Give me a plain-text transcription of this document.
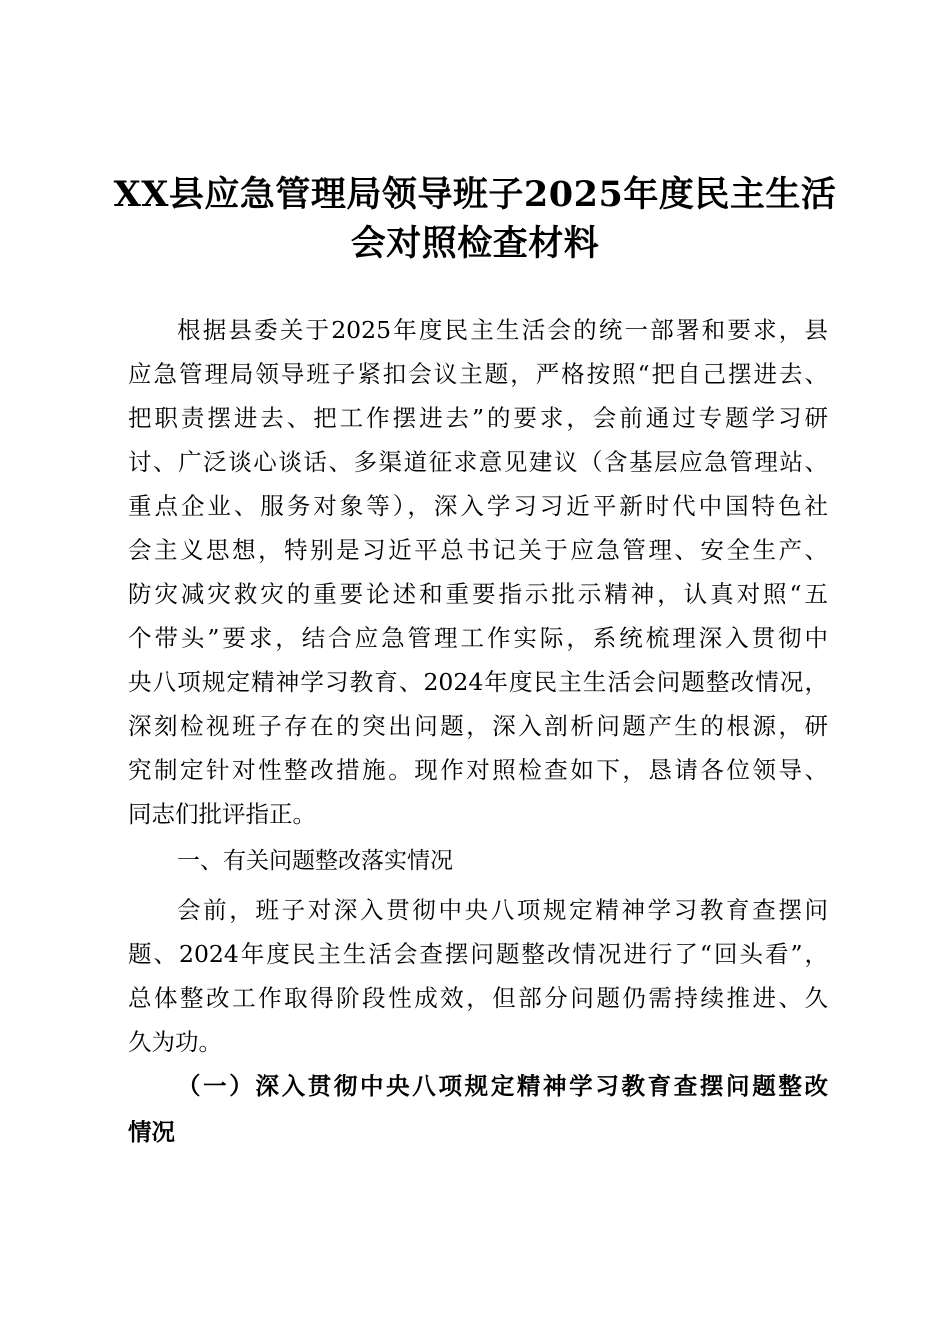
XX县应急管理局领导班子2025年度民主生活
会对照检查材料
根据县委关于2025年度民主生活会的统一部署和要求，县
应急管理局领导班子紧扣会议主题，严格按照“把自己摆进去、
把职责摆进去、把工作摆进去”的要求，会前通过专题学习研
讨、广泛谈心谈话、多渠道征求意见建议（含基层应急管理站、
重点企业、服务对象等），深入学习习近平新时代中国特色社
会主义思想，特别是习近平总书记关于应急管理、安全生产、
防灾减灾救灾的重要论述和重要指示批示精神，认真对照“五
个带头”要求，结合应急管理工作实际，系统梳理深入贯彻中
央八项规定精神学习教育、2024年度民主生活会问题整改情况，
深刻检视班子存在的突出问题，深入剖析问题产生的根源，研
究制定针对性整改措施。现作对照检查如下，恳请各位领导、
同志们批评指正。
一、有关问题整改落实情况
会前，班子对深入贯彻中央八项规定精神学习教育查摆问
题、2024年度民主生活会查摆问题整改情况进行了“回头看”，
总体整改工作取得阶段性成效，但部分问题仍需持续推进、久
久为功。
（一）深入贯彻中央八项规定精神学习教育查摆问题整改
情况
